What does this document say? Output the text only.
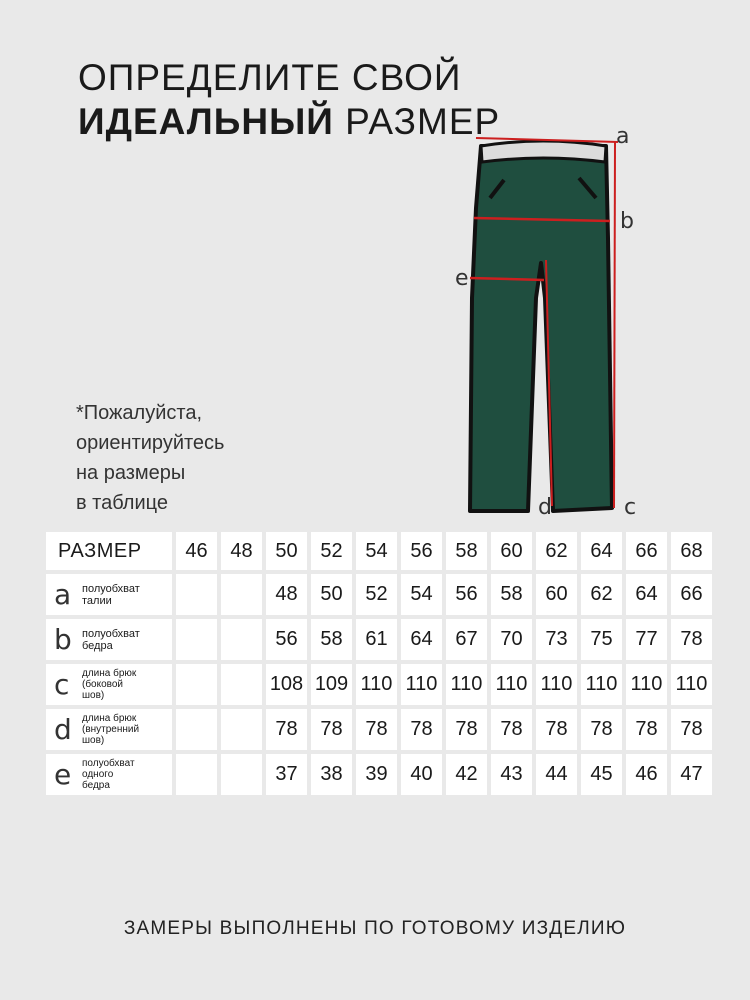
ОПРЕДЕЛИТЕ СВОЙ
ИДЕАЛЬНЫЙ РАЗМЕР	a
b
e
d	c
*Пожалуйста,
ориентируйтесь
на размеры
в таблице
РАЗМЕР	46	48	50	52	54	56	58	60	62	64	66	68

a полуобхват
талии			48	50	52	54	56	58	60	62	64	66

b полуобхват
бедра			56	58	61	64	67	70	73	75	77	78

c длина брюк
(боковой
шов)			108	109	110	110	110	110	110	110	110	110

d длина брюк
(внутренний
шов)			78	78	78	78	78	78	78	78	78	78

e полуобхват
одного
бедра			37	38	39	40	42	43	44	45	46	47
ЗАМЕРЫ ВЫПОЛНЕНЫ ПО ГОТОВОМУ ИЗДЕЛИЮ
